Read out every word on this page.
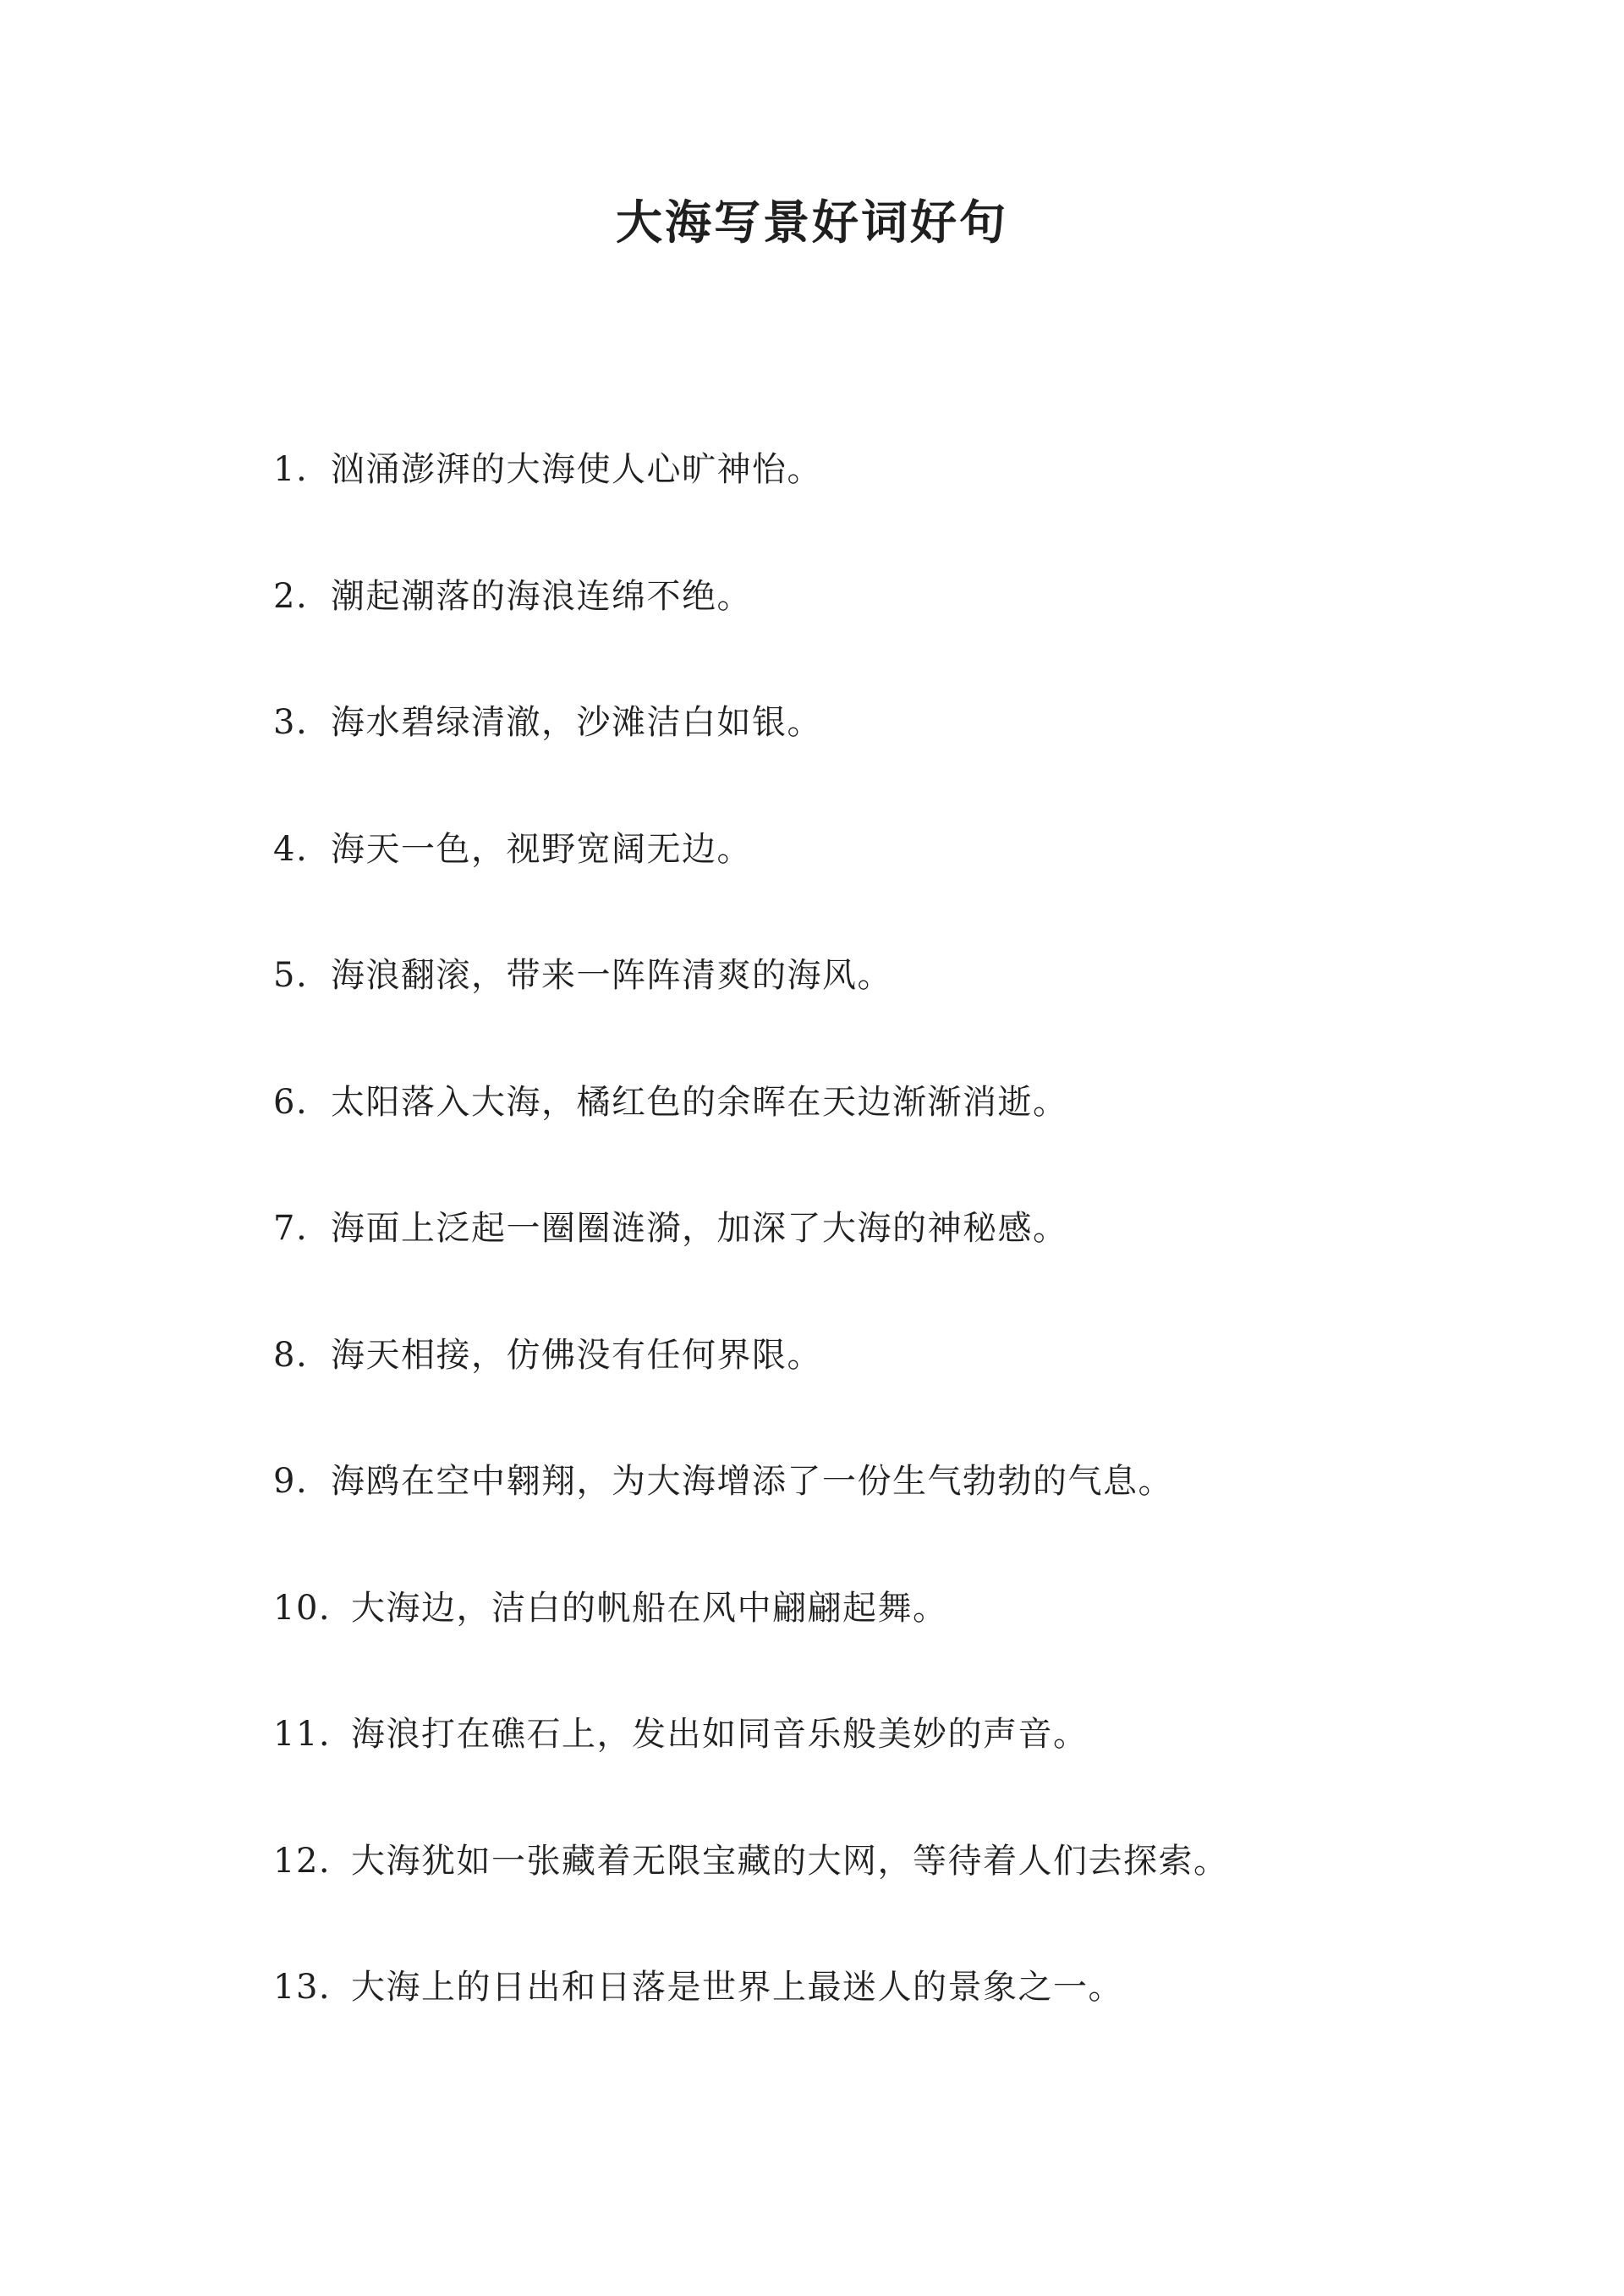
大海写景好词好句
1. 汹涌澎湃的大海使人心旷神怡。
2. 潮起潮落的海浪连绵不绝。
3. 海水碧绿清澈，沙滩洁白如银。
4. 海天一色，视野宽阔无边。
5. 海浪翻滚，带来一阵阵清爽的海风。
6. 太阳落入大海，橘红色的余晖在天边渐渐消逝。
7. 海面上泛起一圈圈涟漪，加深了大海的神秘感。
8. 海天相接，仿佛没有任何界限。
9. 海鸥在空中翱翔，为大海增添了一份生气勃勃的气息。
10. 大海边，洁白的帆船在风中翩翩起舞。
11. 海浪打在礁石上，发出如同音乐般美妙的声音。
12. 大海犹如一张藏着无限宝藏的大网，等待着人们去探索。
13. 大海上的日出和日落是世界上最迷人的景象之一。
